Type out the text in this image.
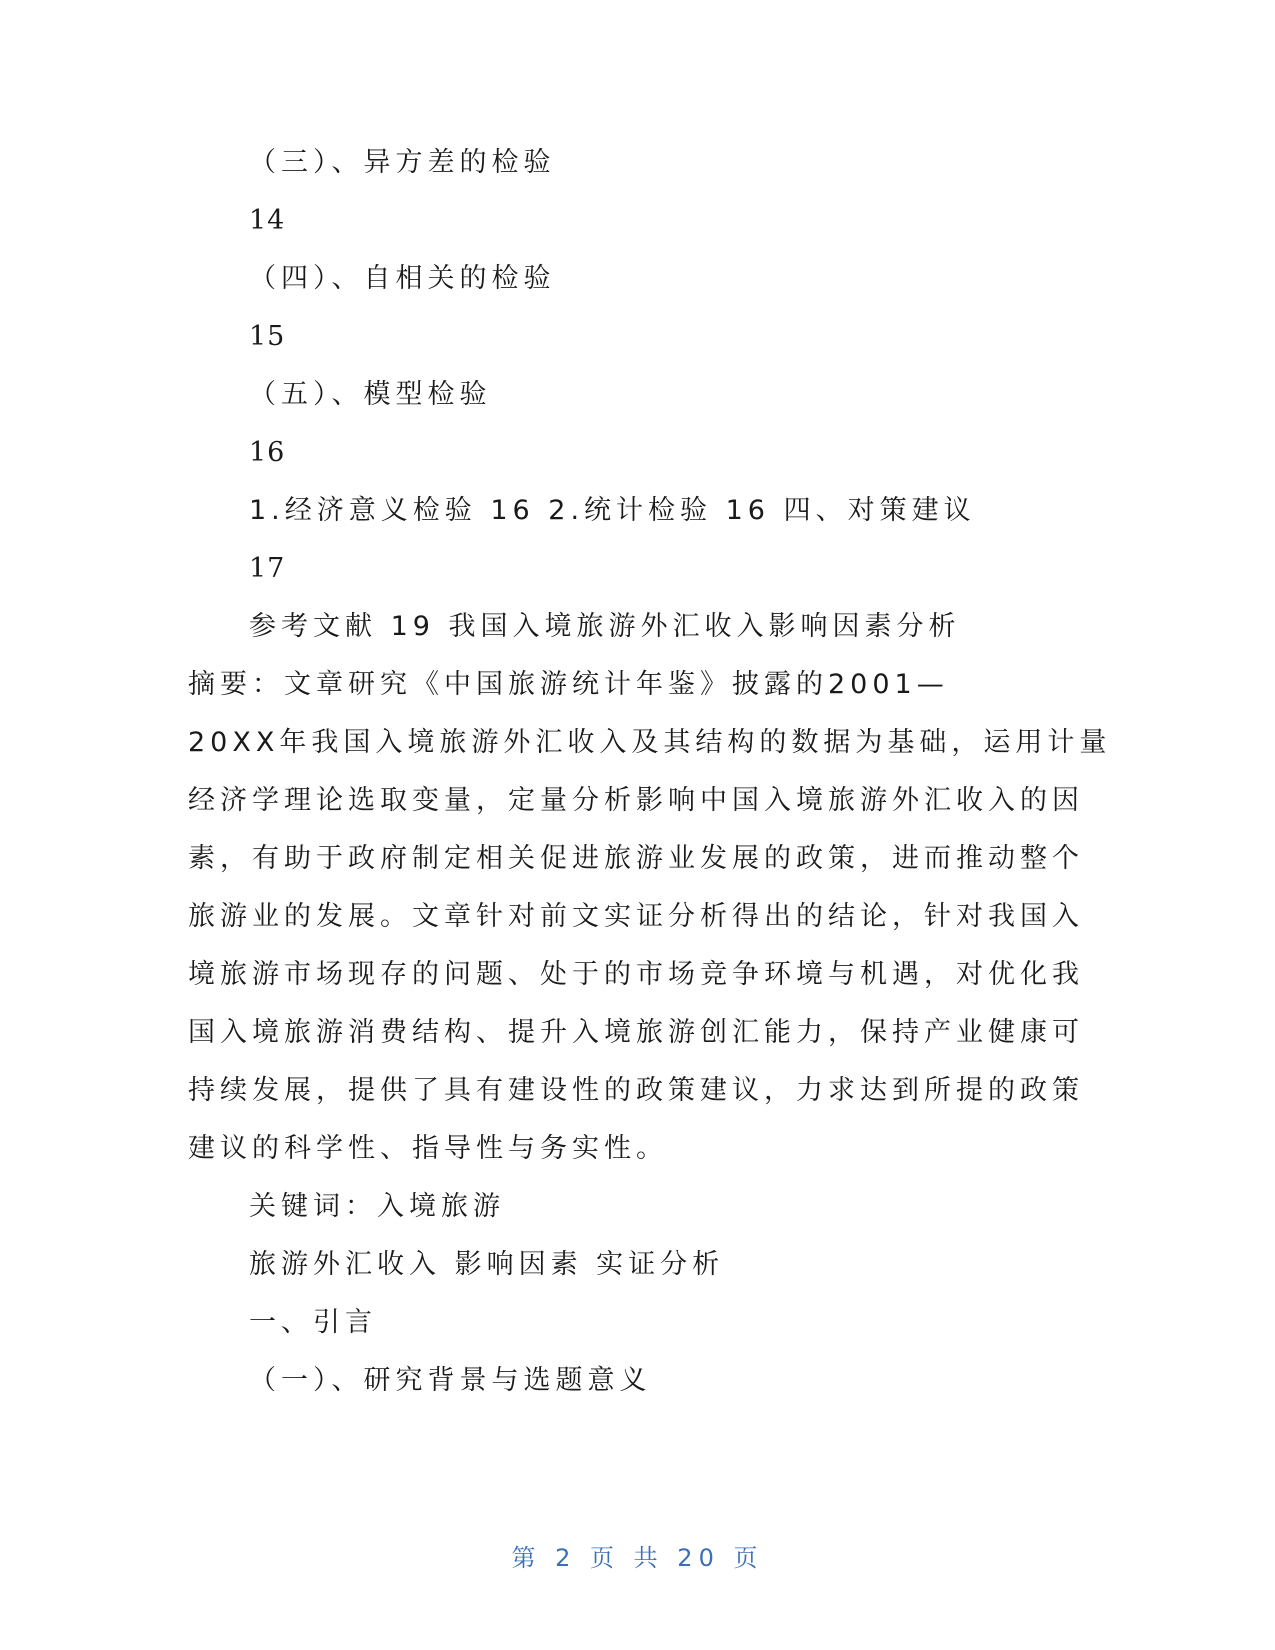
（三）、异方差的检验
14
（四）、自相关的检验
15
（五）、模型检验
16
1.经济意义检验 16 2.统计检验 16 四、对策建议
17
参考文献 19 我国入境旅游外汇收入影响因素分析
摘要：文章研究《中国旅游统计年鉴》披露的2001—
20XX年我国入境旅游外汇收入及其结构的数据为基础，运用计量
经济学理论选取变量，定量分析影响中国入境旅游外汇收入的因
素，有助于政府制定相关促进旅游业发展的政策，进而推动整个
旅游业的发展。文章针对前文实证分析得出的结论，针对我国入
境旅游市场现存的问题、处于的市场竞争环境与机遇，对优化我
国入境旅游消费结构、提升入境旅游创汇能力，保持产业健康可
持续发展，提供了具有建设性的政策建议，力求达到所提的政策
建议的科学性、指导性与务实性。
关键词：入境旅游
旅游外汇收入 影响因素 实证分析
一、引言
（一）、研究背景与选题意义
第 2 页 共 20 页
